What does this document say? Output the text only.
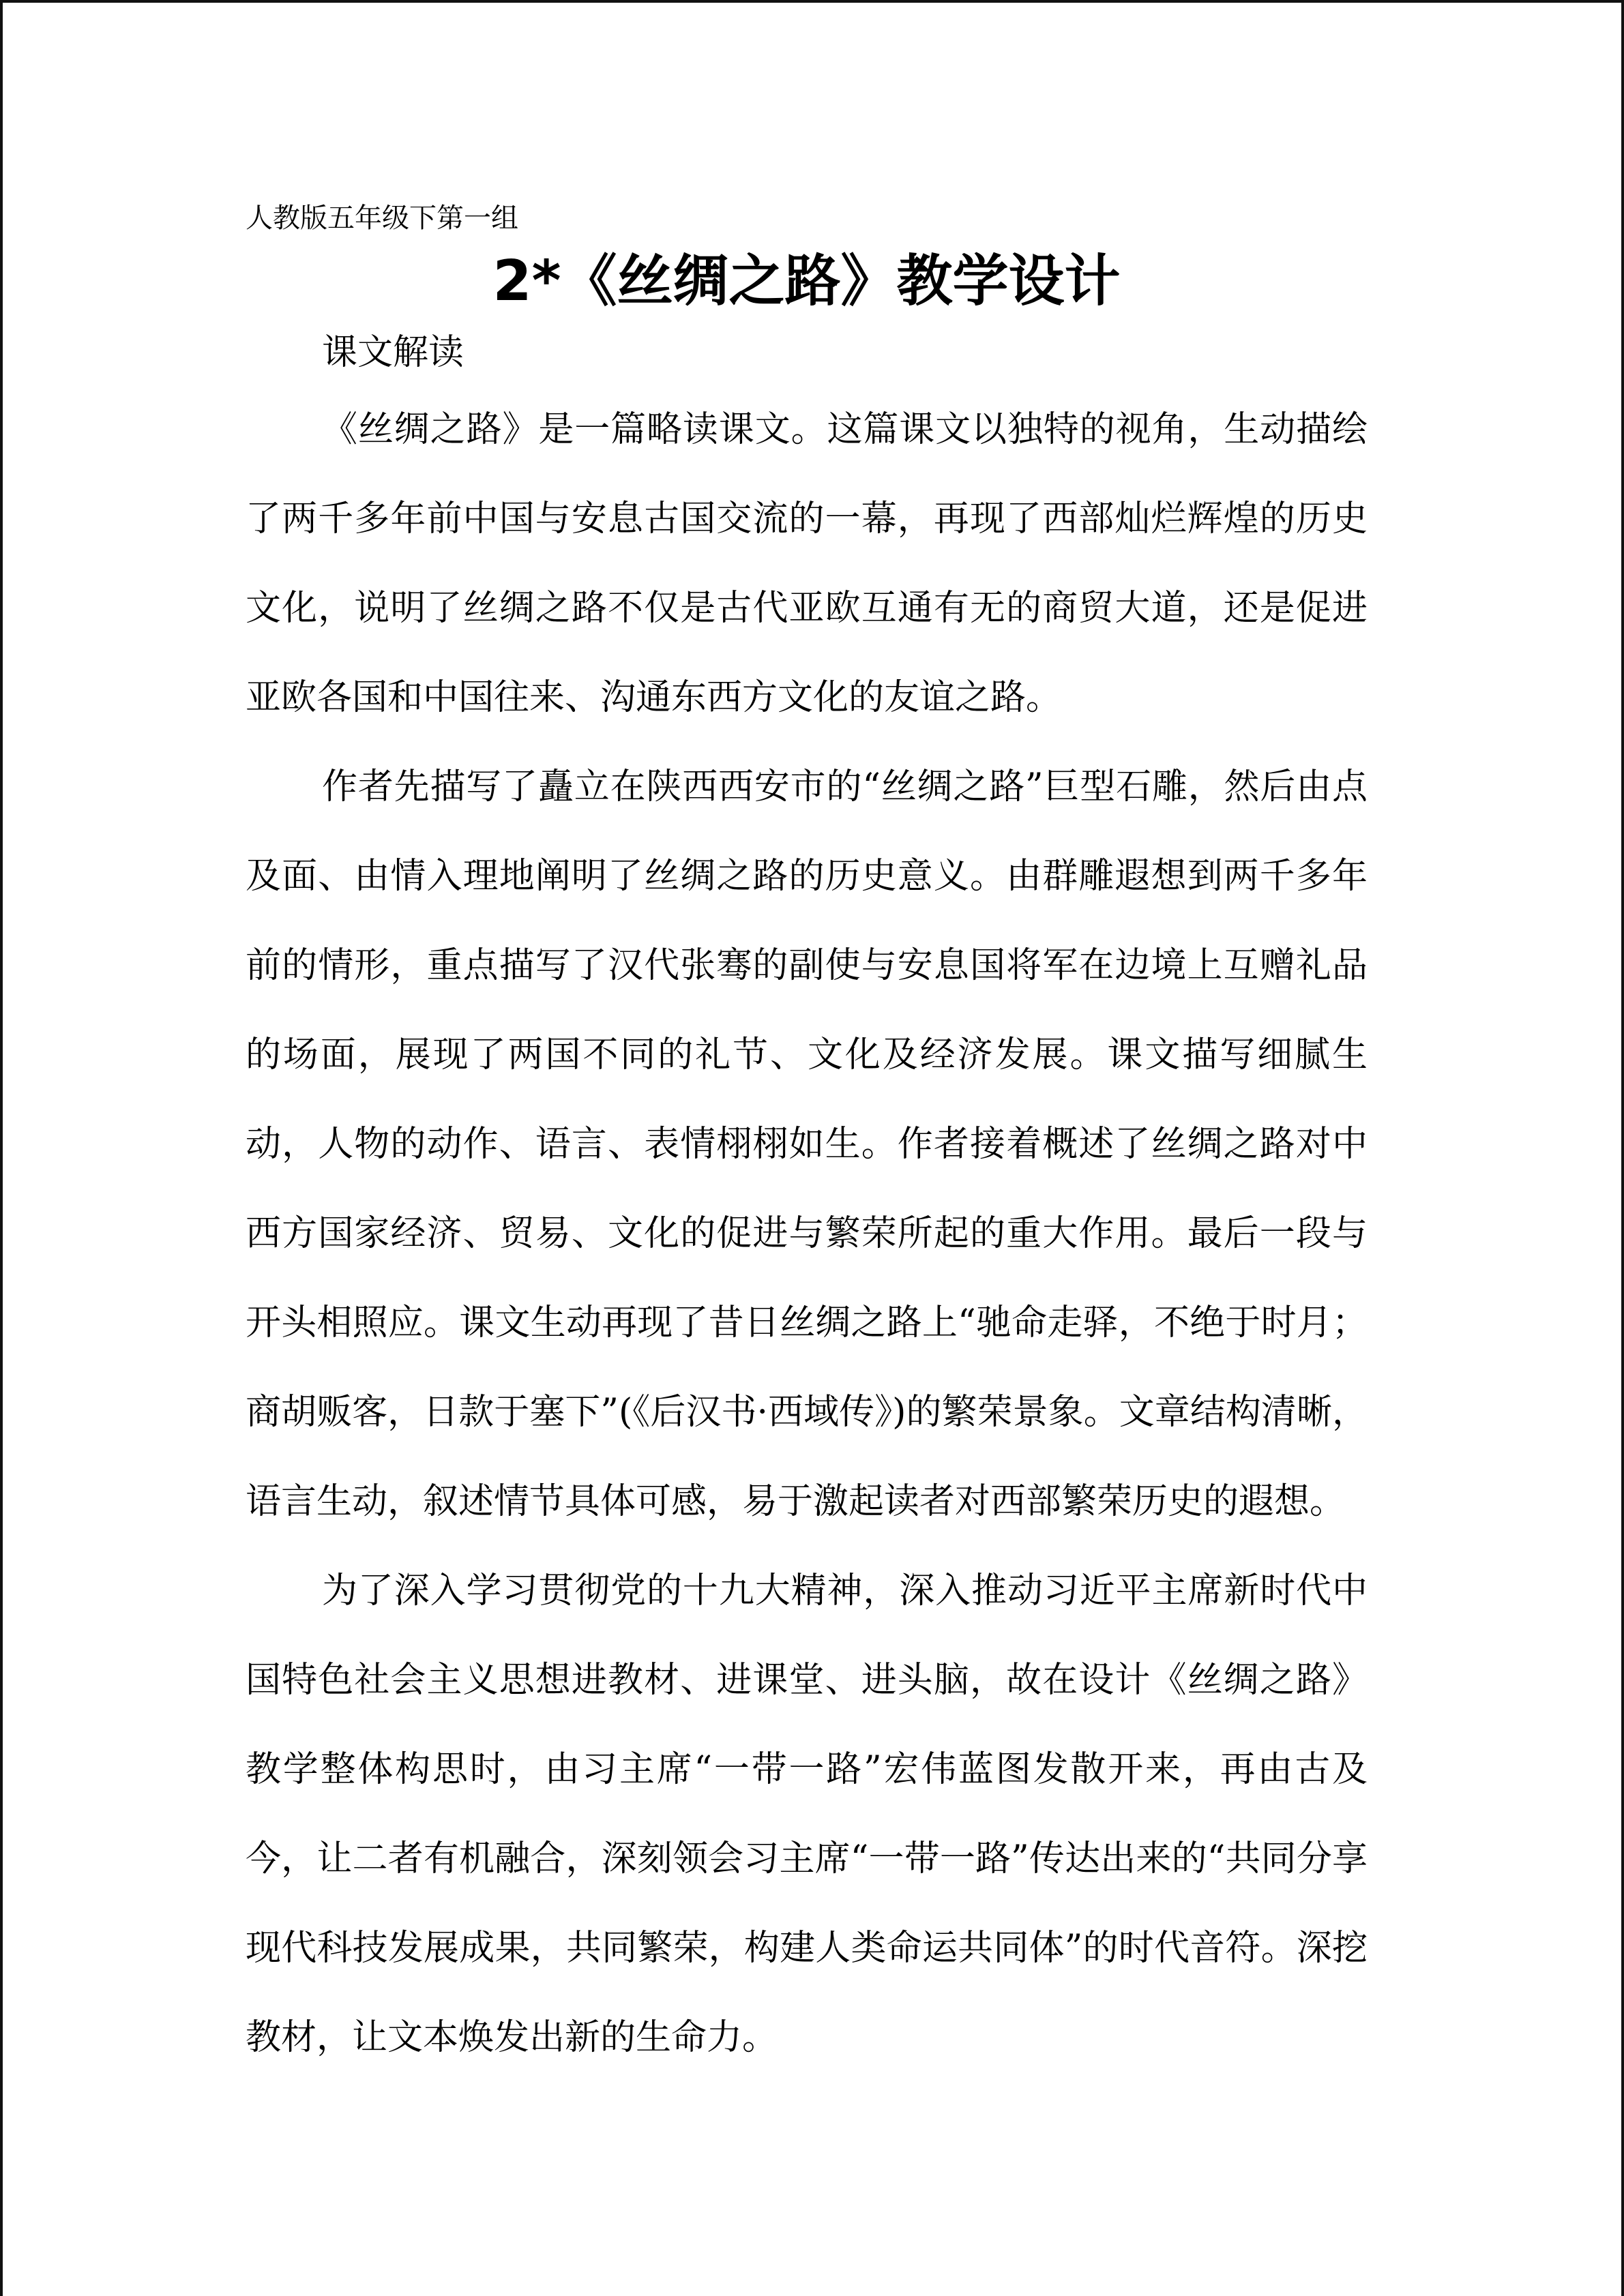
人教版五年级下第一组
2*《丝绸之路》教学设计
课文解读

《丝绸之路》是一篇略读课文。这篇课文以独特的视角，生动描绘了两千多年前中国与安息古国交流的一幕，再现了西部灿烂辉煌的历史文化，说明了丝绸之路不仅是古代亚欧互通有无的商贸大道，还是促进亚欧各国和中国往来、沟通东西方文化的友谊之路。

作者先描写了矗立在陕西西安市的“丝绸之路”巨型石雕，然后由点及面、由情入理地阐明了丝绸之路的历史意义。由群雕遐想到两千多年前的情形，重点描写了汉代张骞的副使与安息国将军在边境上互赠礼品的场面，展现了两国不同的礼节、文化及经济发展。课文描写细腻生动，人物的动作、语言、表情栩栩如生。作者接着概述了丝绸之路对中西方国家经济、贸易、文化的促进与繁荣所起的重大作用。最后一段与开头相照应。课文生动再现了昔日丝绸之路上“驰命走驿，不绝于时月；商胡贩客，日款于塞下”(《后汉书·西域传》)的繁荣景象。文章结构清晰，语言生动，叙述情节具体可感，易于激起读者对西部繁荣历史的遐想。

为了深入学习贯彻党的十九大精神，深入推动习近平主席新时代中国特色社会主义思想进教材、进课堂、进头脑，故在设计《丝绸之路》教学整体构思时，由习主席“一带一路”宏伟蓝图发散开来，再由古及今，让二者有机融合，深刻领会习主席“一带一路”传达出来的“共同分享现代科技发展成果，共同繁荣，构建人类命运共同体”的时代音符。深挖教材，让文本焕发出新的生命力。
